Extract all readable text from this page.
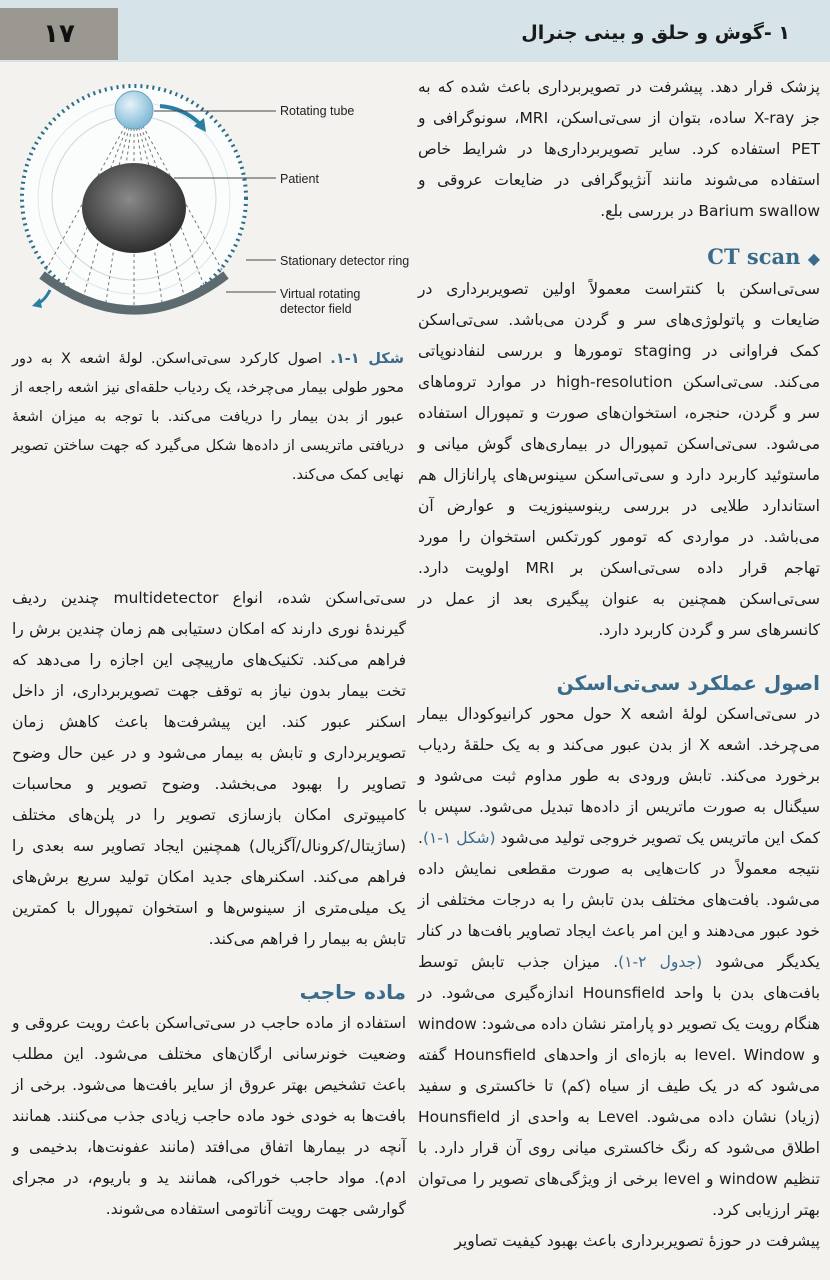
۱۷	۱ -گوش و حلق و بینی جنرال
Rotating tube
Patient
Stationary detector ring
Virtual rotating
detector field
شکل ۱-۱. اصول کارکرد سی‌تی‌اسکن. لولهٔ اشعه X به دور محور طولی بیمار می‌چرخد، یک ردیاب حلقه‌ای نیز اشعه راجعه از عبور از بدن بیمار را دریافت می‌کند. با توجه به میزان اشعهٔ دریافتی ماتریسی از داده‌ها شکل می‌گیرد که جهت ساختن تصویر نهایی کمک می‌کند.

پزشک قرار دهد. پیشرفت در تصویربرداری باعث شده که به جز X-ray ساده، بتوان از سی‌تی‌اسکن، MRI، سونوگرافی و PET استفاده کرد. سایر تصویربرداری‌ها در شرایط خاص استفاده می‌شوند مانند آنژیوگرافی در ضایعات عروقی و Barium swallow در بررسی بلع.

CT scan ◆

سی‌تی‌اسکن با کنتراست معمولاً اولین تصویربرداری در ضایعات و پاتولوژی‌های سر و گردن می‌باشد. سی‌تی‌اسکن کمک فراوانی در staging تومورها و بررسی لنفادنوپاتی می‌کند. سی‌تی‌اسکن high-resolution در موارد تروماهای سر و گردن، حنجره، استخوان‌های صورت و تمپورال استفاده می‌شود. سی‌تی‌اسکن تمپورال در بیماری‌های گوش میانی و ماستوئید کاربرد دارد و سی‌تی‌اسکن سینوس‌های پارانازال هم استاندارد طلایی در بررسی رینوسینوزیت و عوارض آن می‌باشد. در مواردی که تومور کورتکس استخوان را مورد تهاجم قرار داده سی‌تی‌اسکن بر MRI اولویت دارد. سی‌تی‌اسکن همچنین به عنوان پیگیری بعد از عمل در کانسرهای سر و گردن کاربرد دارد.

اصول عملکرد سی‌تی‌اسکن

در سی‌تی‌اسکن لولهٔ اشعه X حول محور کرانیوکودال بیمار می‌چرخد. اشعه X از بدن عبور می‌کند و به یک حلقهٔ ردیاب برخورد می‌کند. تابش ورودی به طور مداوم ثبت می‌شود و سیگنال به صورت ماتریس از داده‌ها تبدیل می‌شود. سپس با کمک این ماتریس یک تصویر خروجی تولید می‌شود (شکل ۱-۱). نتیجه معمولاً در کات‌هایی به صورت مقطعی نمایش داده می‌شود. بافت‌های مختلف بدن تابش را به درجات مختلفی از خود عبور می‌دهند و این امر باعث ایجاد تصاویر بافت‌ها در کنار یکدیگر می‌شود (جدول ۲-۱). میزان جذب تابش توسط بافت‌های بدن با واحد Hounsfield اندازه‌گیری می‌شود. در هنگام رویت یک تصویر دو پارامتر نشان داده می‌شود: window و level. Window به بازه‌ای از واحدهای Hounsfield گفته می‌شود که در یک طیف از سیاه (کم) تا خاکستری و سفید (زیاد) نشان داده می‌شود. Level به واحدی از Hounsfield اطلاق می‌شود که رنگ خاکستری میانی روی آن قرار دارد. با تنظیم window و level برخی از ویژگی‌های تصویر را می‌توان بهتر ارزیابی کرد.

پیشرفت در حوزهٔ تصویربرداری باعث بهبود کیفیت تصاویر

سی‌تی‌اسکن شده، انواع multidetector چندین ردیف گیرندهٔ نوری دارند که امکان دستیابی هم زمان چندین برش را فراهم می‌کند. تکنیک‌های مارپیچی این اجازه را می‌دهد که تخت بیمار بدون نیاز به توقف جهت تصویربرداری، از داخل اسکنر عبور کند. این پیشرفت‌ها باعث کاهش زمان تصویربرداری و تابش به بیمار می‌شود و در عین حال وضوح تصاویر را بهبود می‌بخشد. وضوح تصویر و محاسبات کامپیوتری امکان بازسازی تصویر را در پلن‌های مختلف (ساژیتال/کرونال/آگزیال) همچنین ایجاد تصاویر سه بعدی را فراهم می‌کند. اسکنرهای جدید امکان تولید سریع برش‌های یک میلی‌متری از سینوس‌ها و استخوان تمپورال با کمترین تابش به بیمار را فراهم می‌کند.

ماده حاجب

استفاده از ماده حاجب در سی‌تی‌اسکن باعث رویت عروقی و وضعیت خونرسانی ارگان‌های مختلف می‌شود. این مطلب باعث تشخیص بهتر عروق از سایر بافت‌ها می‌شود. برخی از بافت‌ها به خودی خود ماده حاجب زیادی جذب می‌کنند. همانند آنچه در بیمارها اتفاق می‌افتد (مانند عفونت‌ها، بدخیمی و ادم). مواد حاجب خوراکی، همانند ید و باریوم، در مجرای گوارشی جهت رویت آناتومی استفاده می‌شوند.
